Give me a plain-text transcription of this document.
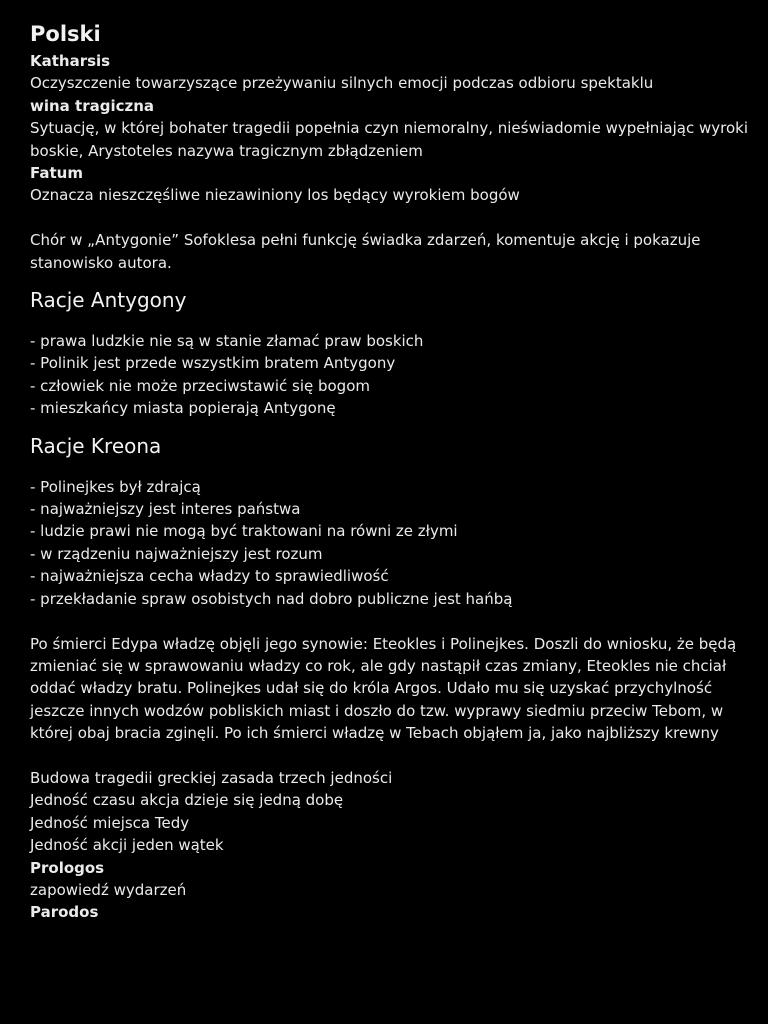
Polski
Katharsis
Oczyszczenie towarzyszące przeżywaniu silnych emocji podczas odbioru spektaklu
wina tragiczna
Sytuację, w której bohater tragedii popełnia czyn niemoralny, nieświadomie wypełniając wyroki
boskie, Arystoteles nazywa tragicznym zbłądzeniem
Fatum
Oznacza nieszczęśliwe niezawiniony los będący wyrokiem bogów
Chór w „Antygonie” Sofoklesa pełni funkcję świadka zdarzeń, komentuje akcję i pokazuje
stanowisko autora.
Racje Antygony
- prawa ludzkie nie są w stanie złamać praw boskich
- Polinik jest przede wszystkim bratem Antygony
- człowiek nie może przeciwstawić się bogom
- mieszkańcy miasta popierają Antygonę
Racje Kreona
- Polinejkes był zdrajcą
- najważniejszy jest interes państwa
- ludzie prawi nie mogą być traktowani na równi ze złymi
- w rządzeniu najważniejszy jest rozum
- najważniejsza cecha władzy to sprawiedliwość
- przekładanie spraw osobistych nad dobro publiczne jest hańbą
Po śmierci Edypa władzę objęli jego synowie: Eteokles i Polinejkes. Doszli do wniosku, że będą
zmieniać się w sprawowaniu władzy co rok, ale gdy nastąpił czas zmiany, Eteokles nie chciał
oddać władzy bratu. Polinejkes udał się do króla Argos. Udało mu się uzyskać przychylność
jeszcze innych wodzów pobliskich miast i doszło do tzw. wyprawy siedmiu przeciw Tebom, w
której obaj bracia zginęli. Po ich śmierci władzę w Tebach objąłem ja, jako najbliższy krewny
Budowa tragedii greckiej zasada trzech jedności
Jedność czasu akcja dzieje się jedną dobę
Jedność miejsca Tedy
Jedność akcji jeden wątek
Prologos
zapowiedź wydarzeń
Parodos
